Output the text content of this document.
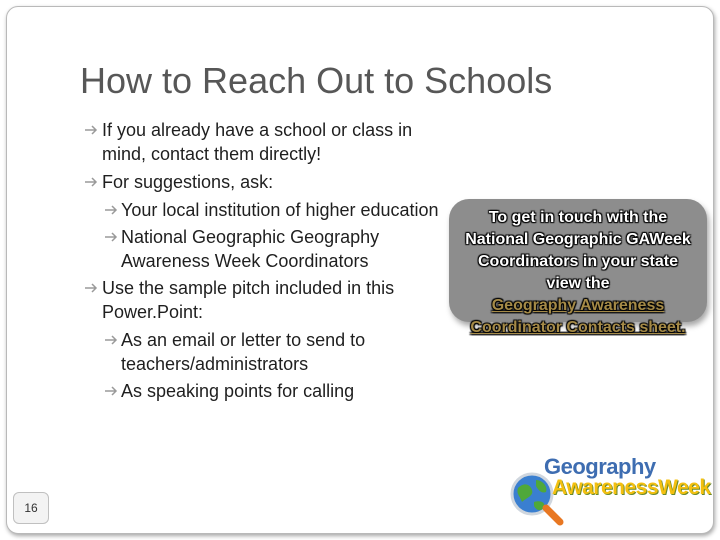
How to Reach Out to Schools
If you already have a school or class in mind, contact them directly!
For suggestions, ask:
Your local institution of higher education
National Geographic Geography Awareness Week Coordinators
Use the sample pitch included in this Power.Point:
As an email or letter to send to teachers/administrators
As speaking points for calling
To get in touch with the National Geographic GAWeek Coordinators in your state view the
Geography Awareness Coordinator Contacts sheet.
16
Geography
AwarenessWeek
